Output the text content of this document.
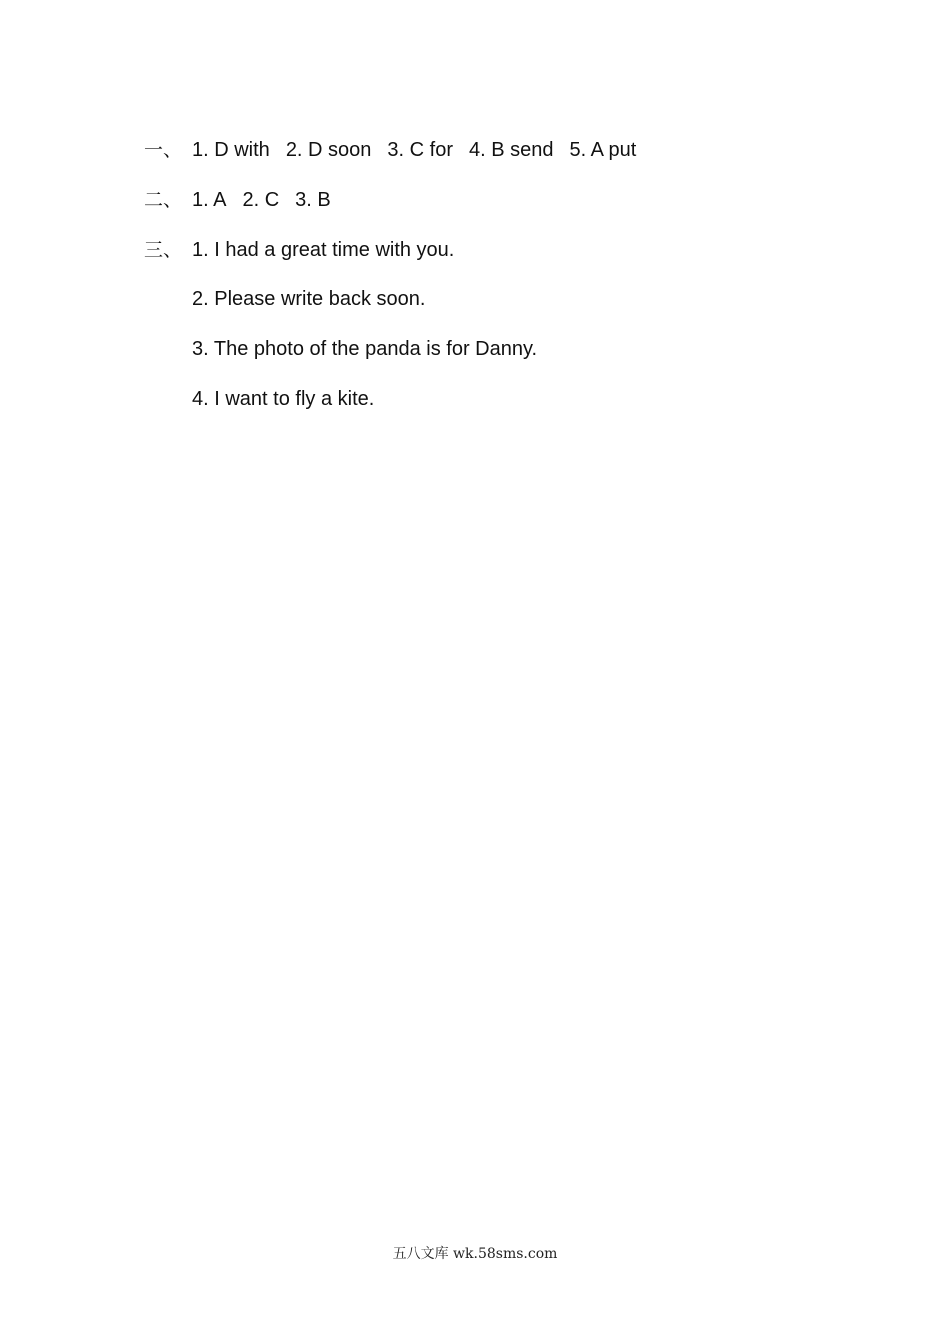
一、 1. D with 2. D soon 3. C for 4. B send 5. A put
二、 1. A 2. C 3. B
三、 1. I had a great time with you.
2. Please write back soon.
3. The photo of the panda is for Danny.
4. I want to fly a kite.
五八文库 wk.58sms.com
